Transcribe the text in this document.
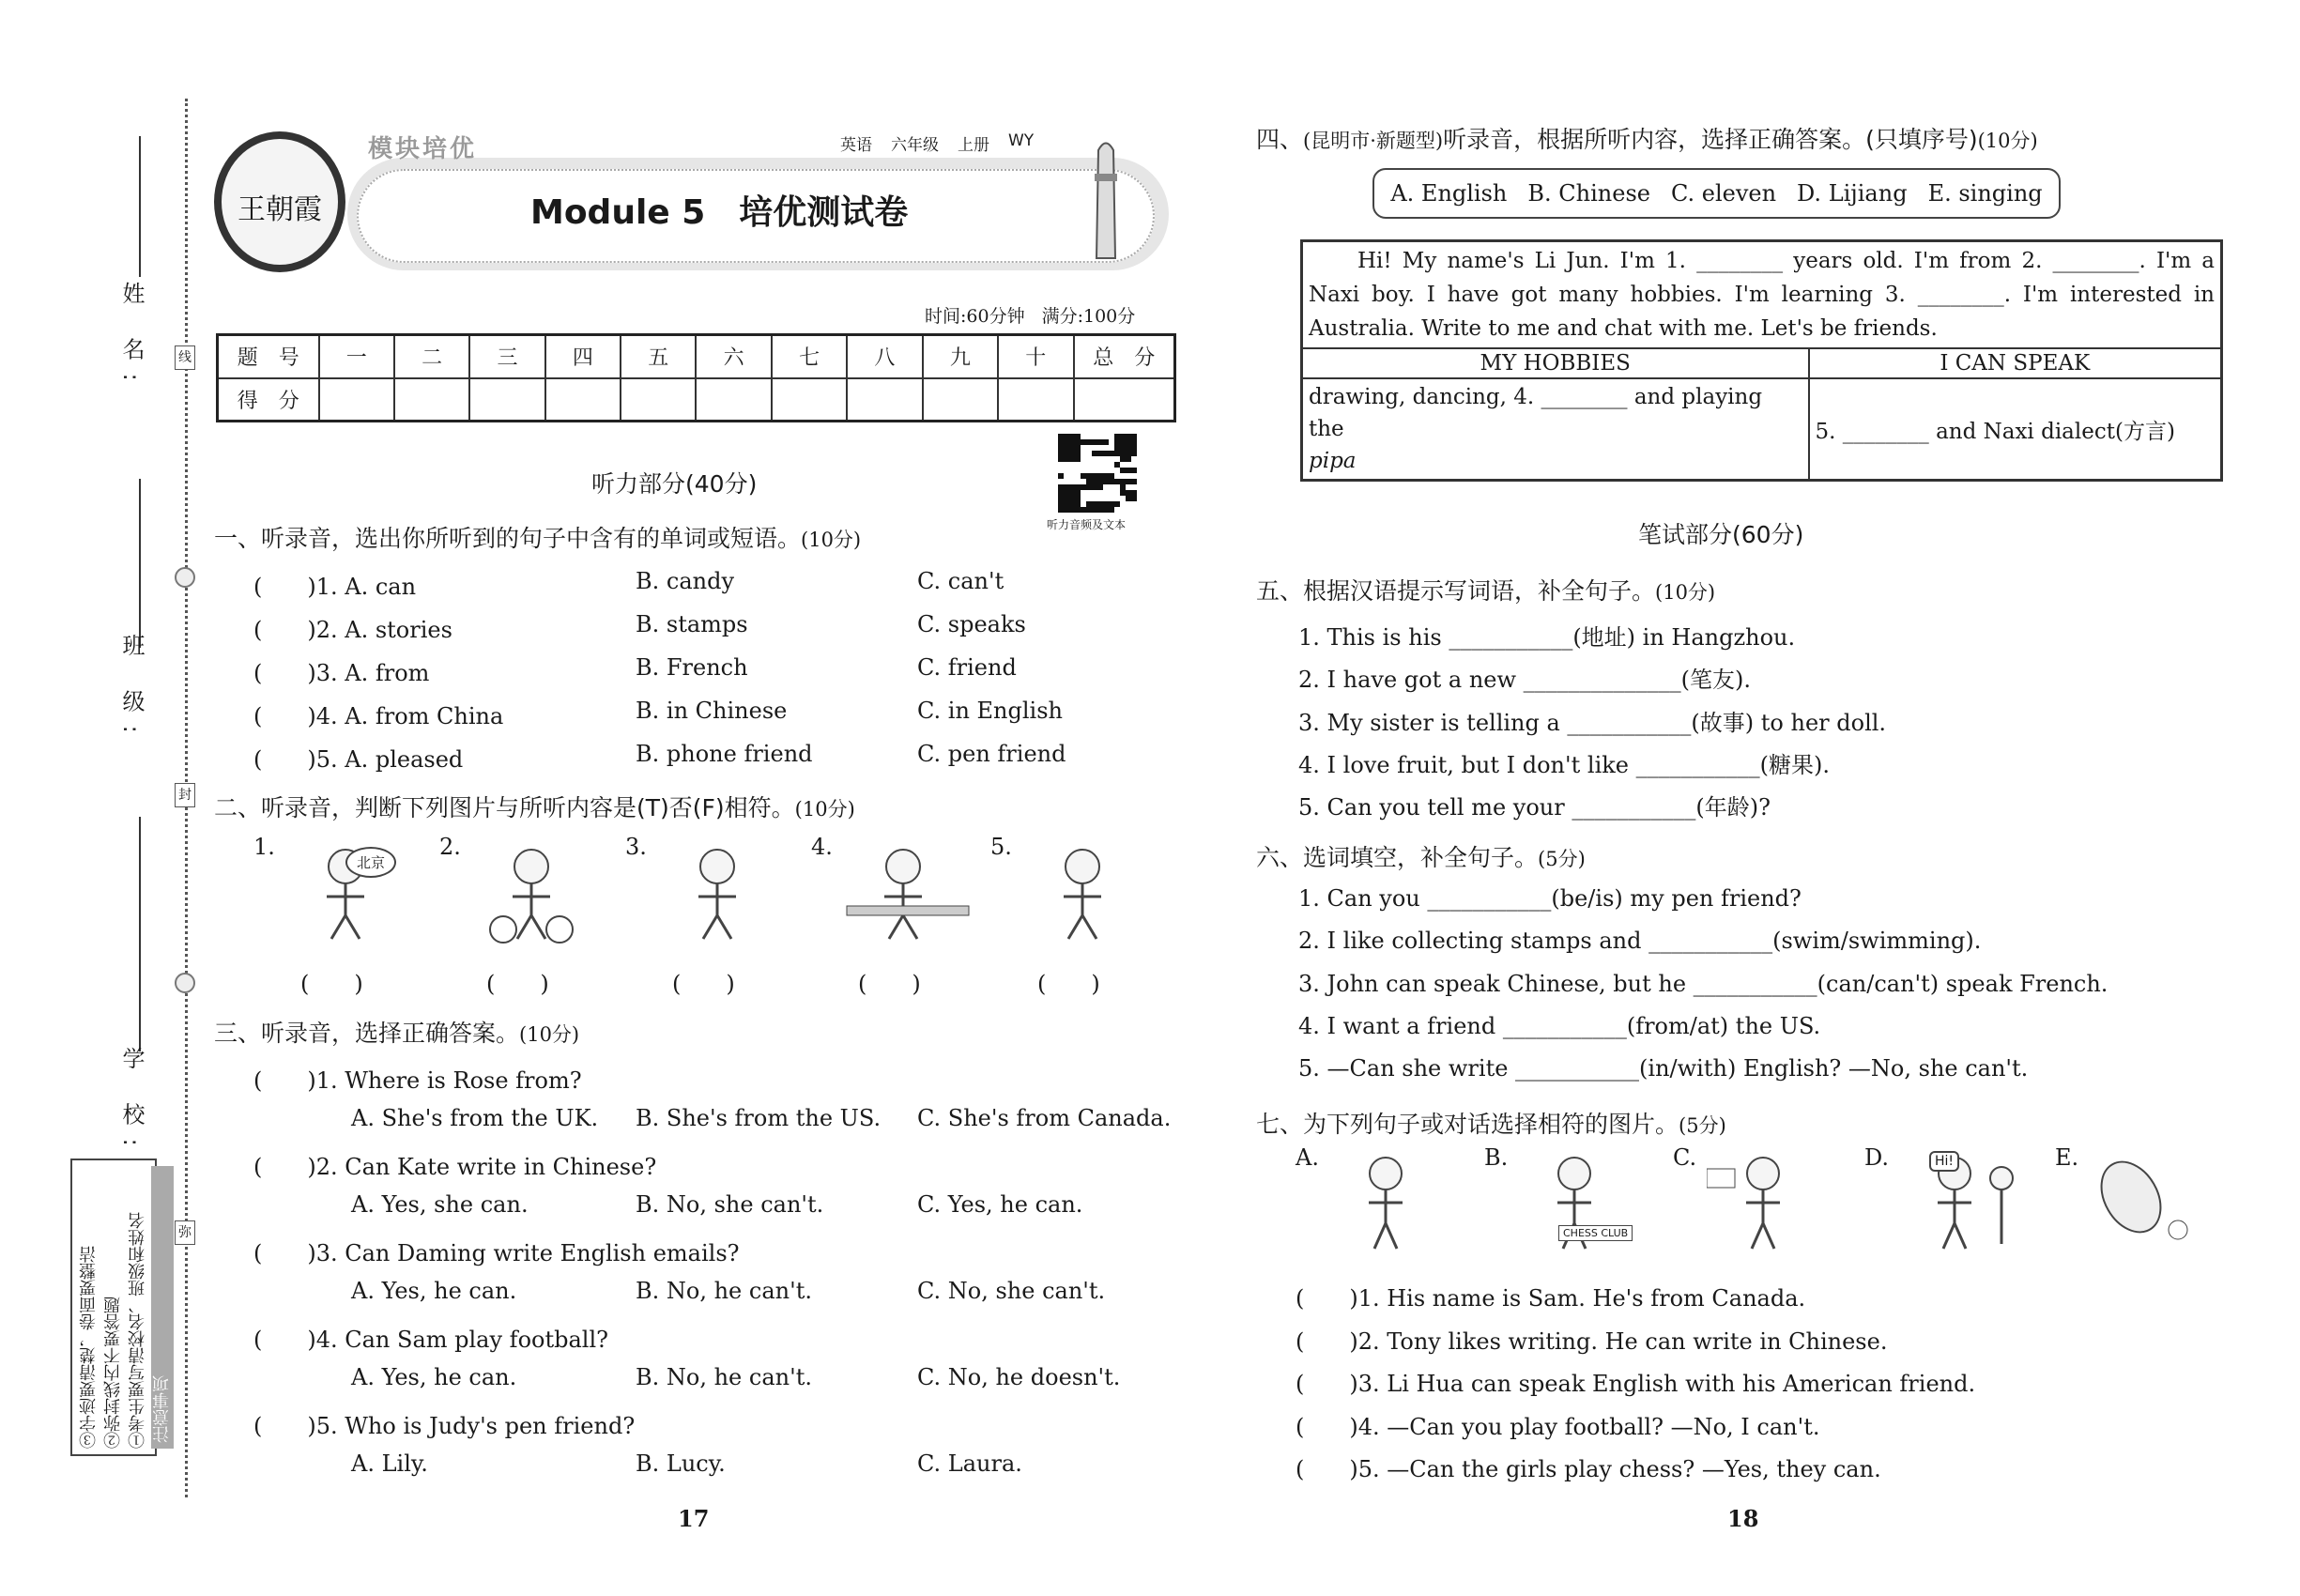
姓 名:
班 级:
学 校:
线
封
弥
注意事项
①考生要写清校名、班级和姓名
②弥封线内不要答题
③字迹要清楚，卷面要整洁
王朝霞
模块培优	英语 六年级 上册 WY
Module 5　培优测试卷
时间:60分钟 满分:100分
题　号	一	二	三	四	五	六	七	八	九	十	总　分
得　分											
听力音频及文本
听力部分(40分)
一、听录音，选出你所听到的句子中含有的单词或短语。(10分)
(　　)1. A. can	B. candy	C. can't
(　　)2. A. stories	B. stamps	C. speaks
(　　)3. A. from	B. French	C. friend
(　　)4. A. from China	B. in Chinese	C. in English
(　　)5. A. pleased	B. phone friend	C. pen friend
二、听录音，判断下列图片与所听内容是(T)否(F)相符。(10分)
1.
北京
(　　)
2.
(　　)
3.
(　　)
4.
(　　)
5.
(　　)
三、听录音，选择正确答案。(10分)
(　　)1. Where is Rose from?
A. She's from the UK. B. She's from the US. C. She's from Canada.
(　　)2. Can Kate write in Chinese?
A. Yes, she can.	B. No, she can't.	C. Yes, he can.
(　　)3. Can Daming write English emails?
A. Yes, he can.	B. No, he can't.	C. No, she can't.
(　　)4. Can Sam play football?
A. Yes, he can.	B. No, he can't.	C. No, he doesn't.
(　　)5. Who is Judy's pen friend?
A. Lily.	B. Lucy.	C. Laura.
17	18
四、(昆明市·新题型)听录音，根据所听内容，选择正确答案。(只填序号)(10分)
A. English B. Chinese C. eleven D. Lijiang E. singing
Hi! My name's Li Jun. I'm 1. ________ years old. I'm from 2. ________. I'm a Naxi boy. I have got many hobbies. I'm learning 3. ________. I'm interested in Australia. Write to me and chat with me. Let's be friends.	
MY HOBBIES	I CAN SPEAK
drawing, dancing, 4. ________ and playing the
pipa	5. ________ and Naxi dialect(方言)
笔试部分(60分)
五、根据汉语提示写词语，补全句子。(10分)
1. This is his ___________(地址) in Hangzhou.
2. I have got a new ______________(笔友).
3. My sister is telling a ___________(故事) to her doll.
4. I love fruit, but I don't like ___________(糖果).
5. Can you tell me your ___________(年龄)?
六、选词填空，补全句子。(5分)
1. Can you ___________(be/is) my pen friend?
2. I like collecting stamps and ___________(swim/swimming).
3. John can speak Chinese, but he ___________(can/can't) speak French.
4. I want a friend ___________(from/at) the US.
5. —Can she write ___________(in/with) English? —No, she can't.
七、为下列句子或对话选择相符的图片。(5分)
A.	B.
CHESS CLUB
C.	D.	Hi!	E.
(　　)1. His name is Sam. He's from Canada.
(　　)2. Tony likes writing. He can write in Chinese.
(　　)3. Li Hua can speak English with his American friend.
(　　)4. —Can you play football? —No, I can't.
(　　)5. —Can the girls play chess? —Yes, they can.
